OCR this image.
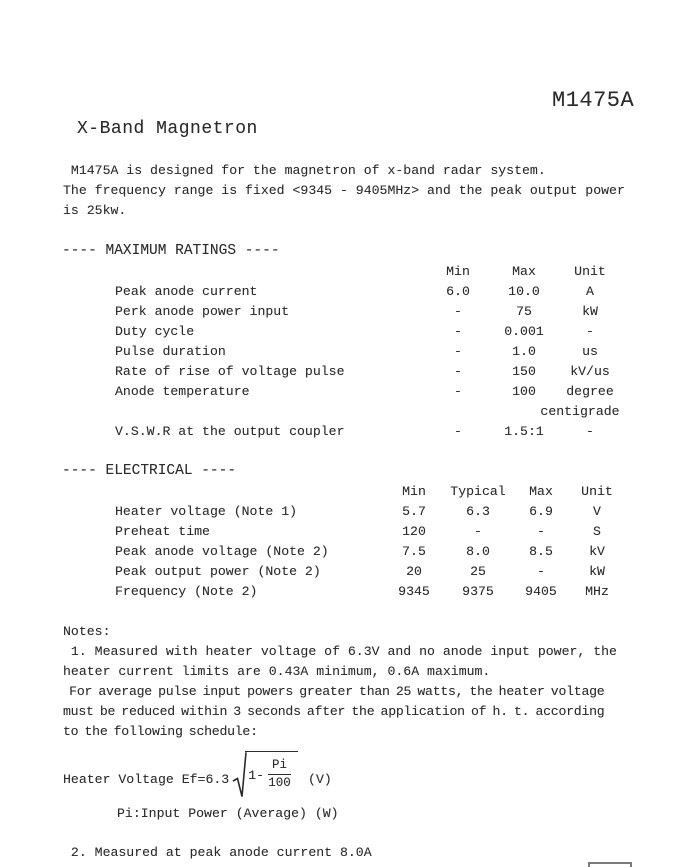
M1475A
X-Band Magnetron
M1475A is designed for the magnetron of x-band radar system.
The frequency range is fixed <9345 - 9405MHz> and the peak output power
is 25kw.
---- MAXIMUM RATINGS ----
Min	Max	Unit
Peak anode current	6.0	10.0	A
Perk anode power input	-	75	kW
Duty cycle	-	0.001	-
Pulse duration	-	1.0	us
Rate of rise of voltage pulse	-	150	kV/us
Anode temperature	-	100 degree
centigrade
V.S.W.R at the output coupler	-	1.5:1	-
---- ELECTRICAL ----
Min Typical Max Unit
Heater voltage (Note 1)	5.7	6.3	6.9	V
Preheat time	120	-	-	S
Peak anode voltage (Note 2)	7.5	8.0	8.5	kV
Peak output power (Note 2)	20	25	-	kW
Frequency (Note 2)	9345 9375 9405 MHz
Notes:
1. Measured with heater voltage of 6.3V and no anode input power, the
heater current limits are 0.43A minimum, 0.6A maximum.
For average pulse input powers greater than 25 watts, the heater voltage
must be reduced within 3 seconds after the application of h. t. according
to the following schedule:
Heater Voltage Ef=6.3 $1- \frac{Pi}{100} (V)$
Pi:Input Power (Average) (W)
2. Measured at peak anode current 8.0A
